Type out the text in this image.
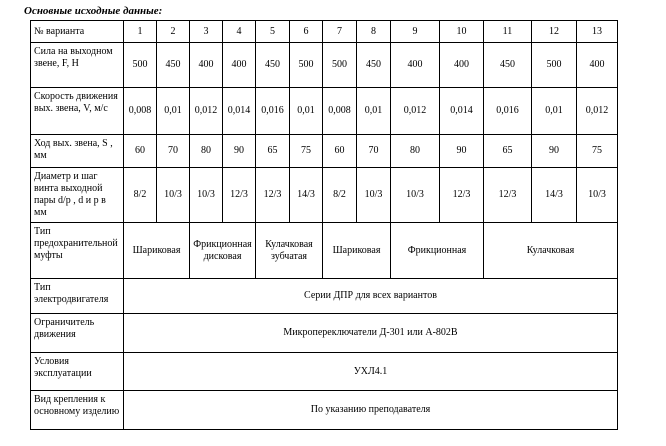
Основные исходные данные:

№ варианта	1	2	3	4	5	6	7	8	9	10	11	12	13
Сила на выходном звене, F, Н	500	450	400	400	450	500	500	450	400	400	450	500	400
Скорость движения вых. звена, V, м/с	0,008	0,01	0,012	0,014	0,016	0,01	0,008	0,01	0,012	0,014	0,016	0,01	0,012
Ход вых. звена, S , мм	60	70	80	90	65	75	60	70	80	90	65	90	75
Диаметр и шаг винта выходной пары d/p , d и p в мм	8/2	10/3	10/3	12/3	12/3	14/3	8/2	10/3	10/3	12/3	12/3	14/3	10/3
Тип предохранительной муфты	Шариковая		Фрикционная дисковая		Кулачковая зубчатая		Шариковая		Фрикционная		Кулачковая		
Тип электродвигателя	Серии ДПР для всех вариантов												
Ограничитель движения	Микропереключатели Д-301 или А-802В												
Условия эксплуатации	УХЛ4.1												
Вид крепления к основному изделию	По указанию преподавателя												
